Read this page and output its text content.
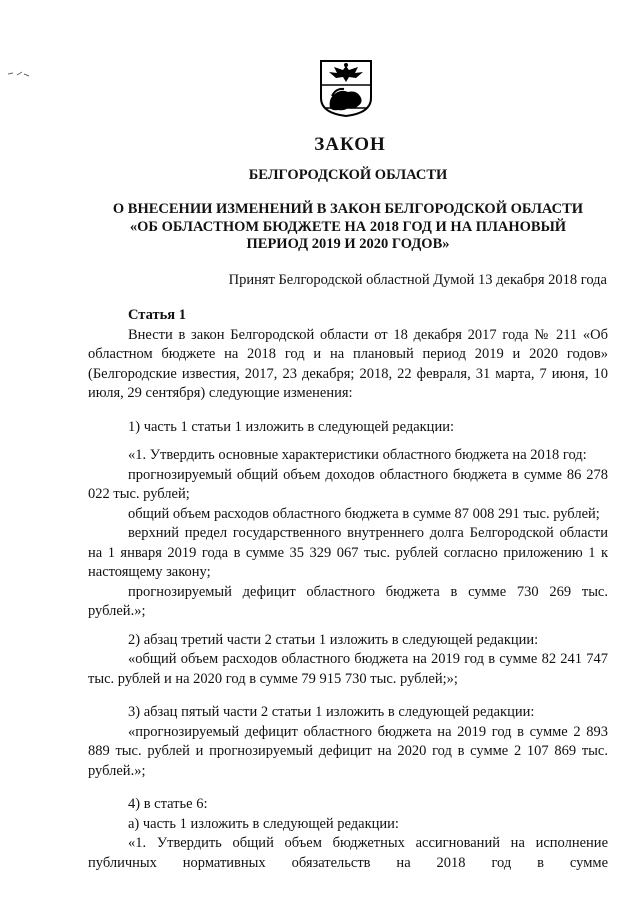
ЗАКОН
БЕЛГОРОДСКОЙ ОБЛАСТИ
О ВНЕСЕНИИ ИЗМЕНЕНИЙ В ЗАКОН БЕЛГОРОДСКОЙ ОБЛАСТИ
«ОБ ОБЛАСТНОМ БЮДЖЕТЕ НА 2018 ГОД И НА ПЛАНОВЫЙ
ПЕРИОД 2019 И 2020 ГОДОВ»

Принят Белгородской областной Думой 13 декабря 2018 года

Статья 1

Внести в закон Белгородской области от 18 декабря 2017 года № 211 «Об областном бюджете на 2018 год и на плановый период 2019 и 2020 годов» (Белгородские известия, 2017, 23 декабря; 2018, 22 февраля, 31 марта, 7 июня, 10 июля, 29 сентября) следующие изменения:

1) часть 1 статьи 1 изложить в следующей редакции:

«1. Утвердить основные характеристики областного бюджета на 2018 год:

прогнозируемый общий объем доходов областного бюджета в сумме 86 278 022 тыс. рублей;

общий объем расходов областного бюджета в сумме 87 008 291 тыс. рублей;

верхний предел государственного внутреннего долга Белгородской области на 1 января 2019 года в сумме 35 329 067 тыс. рублей согласно приложению 1 к настоящему закону;

прогнозируемый дефицит областного бюджета в сумме 730 269 тыс. рублей.»;

2) абзац третий части 2 статьи 1 изложить в следующей редакции:

«общий объем расходов областного бюджета на 2019 год в сумме 82 241 747 тыс. рублей и на 2020 год в сумме 79 915 730 тыс. рублей;»;

3) абзац пятый части 2 статьи 1 изложить в следующей редакции:

«прогнозируемый дефицит областного бюджета на 2019 год в сумме 2 893 889 тыс. рублей и прогнозируемый дефицит на 2020 год в сумме 2 107 869 тыс. рублей.»;

4) в статье 6:

а) часть 1 изложить в следующей редакции:

«1. Утвердить общий объем бюджетных ассигнований на исполнение публичных нормативных обязательств на 2018 год в сумме
